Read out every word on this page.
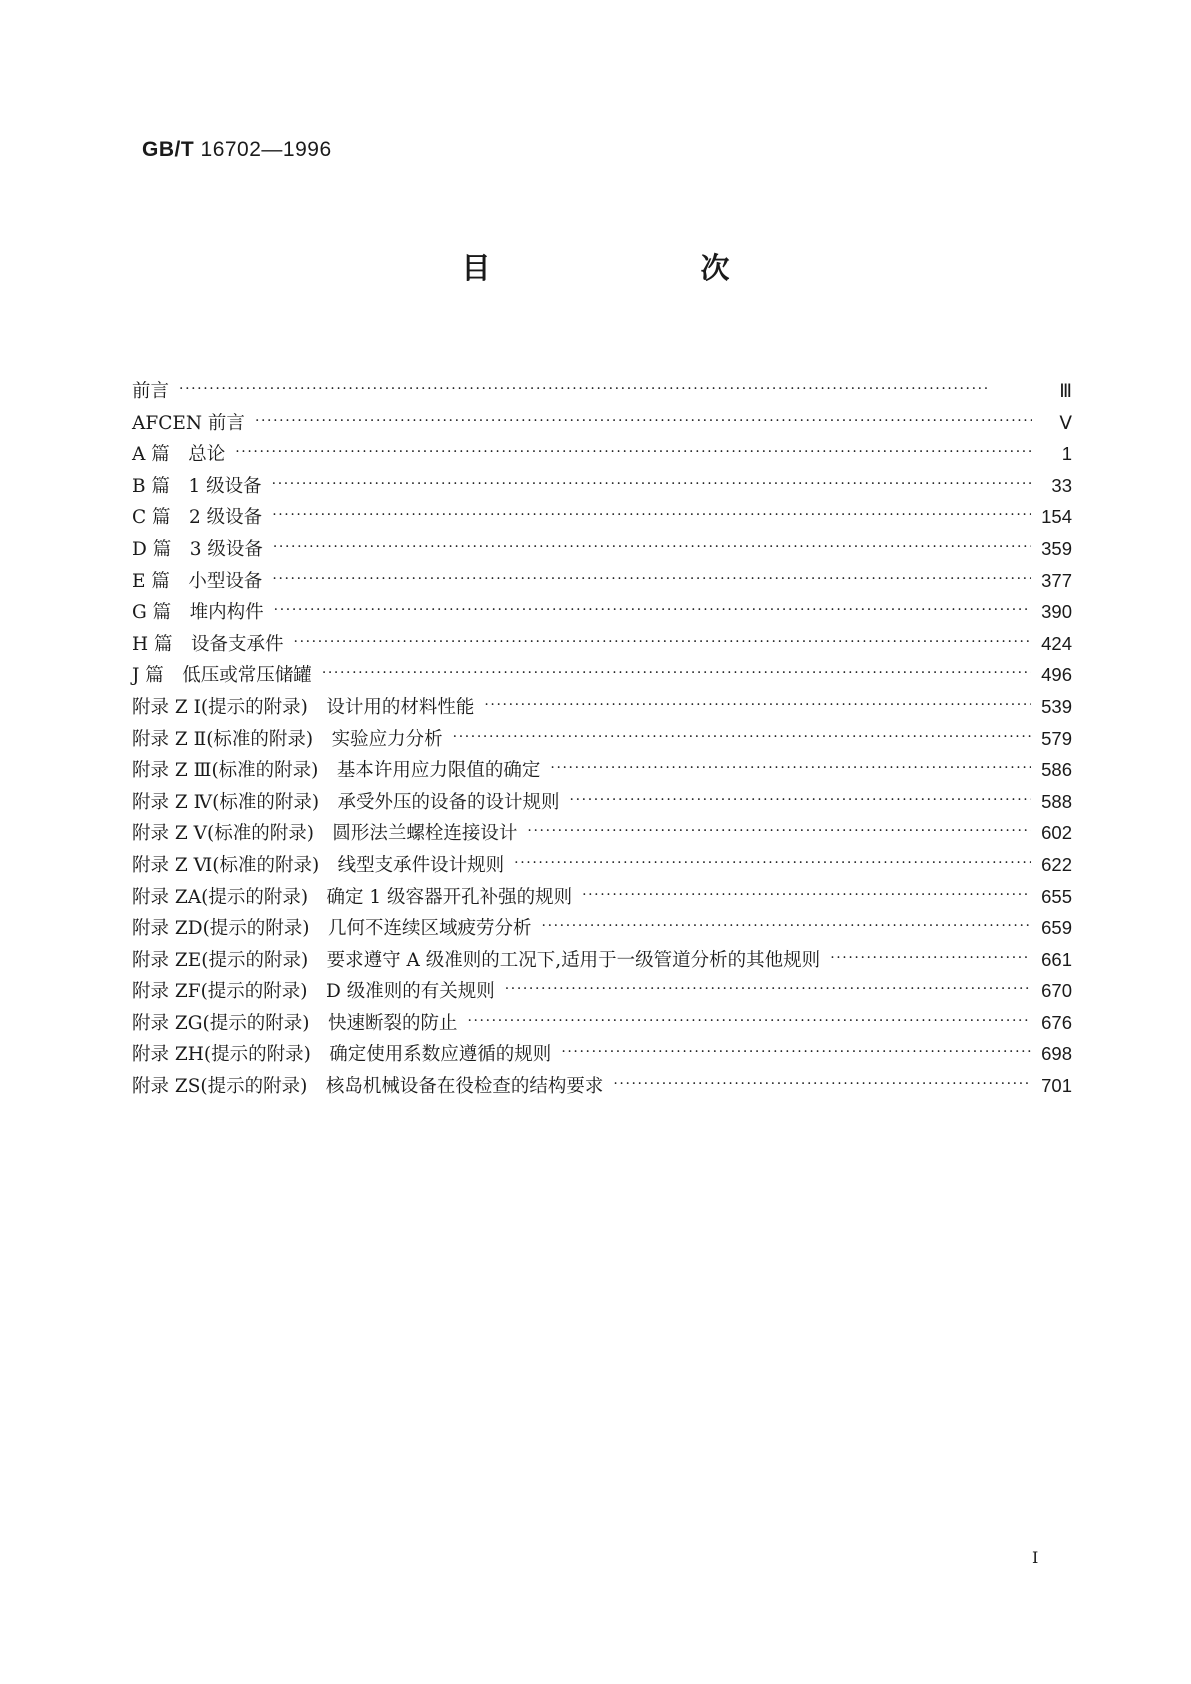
GB/T 16702—1996
目 次
前言 ·····	Ⅲ
AFCEN 前言 ·····	Ⅴ
A 篇　总论 ·····	1
B 篇　1 级设备 ·····	33
C 篇　2 级设备 ·····	154
D 篇　3 级设备 ·····	359
E 篇　小型设备 ·····	377
G 篇　堆内构件 ·····	390
H 篇　设备支承件 ·····	424
J 篇　低压或常压储罐 ·····	496
附录 Z Ⅰ(提示的附录)　设计用的材料性能 ·····	539
附录 Z Ⅱ(标准的附录)　实验应力分析 ·····	579
附录 Z Ⅲ(标准的附录)　基本许用应力限值的确定 ·····	586
附录 Z Ⅳ(标准的附录)　承受外压的设备的设计规则 ·····	588
附录 Z Ⅴ(标准的附录)　圆形法兰螺栓连接设计 ·····	602
附录 Z Ⅵ(标准的附录)　线型支承件设计规则 ·····	622
附录 ZA(提示的附录)　确定 1 级容器开孔补强的规则 ·····	655
附录 ZD(提示的附录)　几何不连续区域疲劳分析 ·····	659
附录 ZE(提示的附录)　要求遵守 A 级准则的工况下,适用于一级管道分析的其他规则 ·····	661
附录 ZF(提示的附录)　D 级准则的有关规则 ·····	670
附录 ZG(提示的附录)　快速断裂的防止 ·····	676
附录 ZH(提示的附录)　确定使用系数应遵循的规则 ·····	698
附录 ZS(提示的附录)　核岛机械设备在役检查的结构要求 ·····	701
Ⅰ
